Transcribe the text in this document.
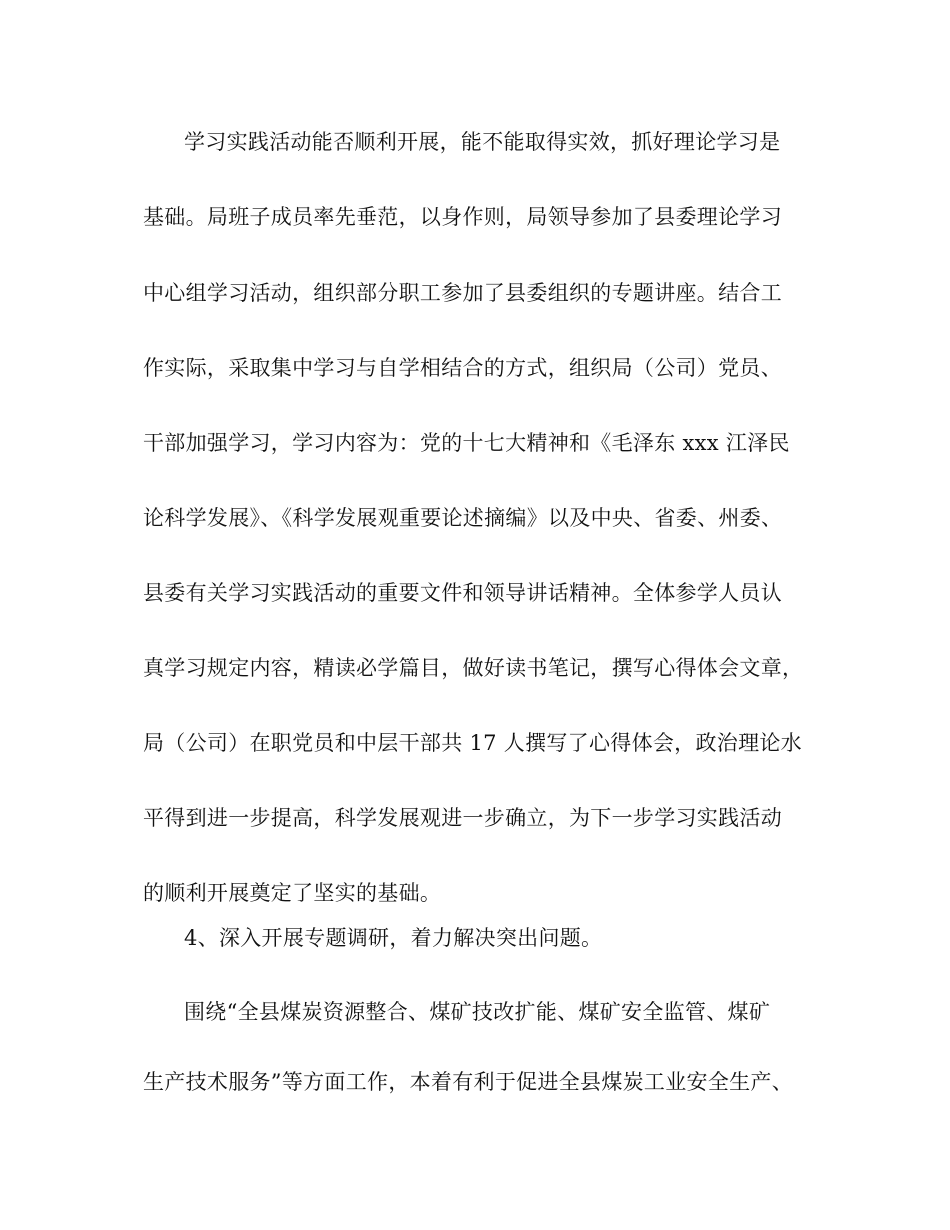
学习实践活动能否顺利开展，能不能取得实效，抓好理论学习是
基础。局班子成员率先垂范，以身作则，局领导参加了县委理论学习
中心组学习活动，组织部分职工参加了县委组织的专题讲座。结合工
作实际，采取集中学习与自学相结合的方式，组织局（公司）党员、
干部加强学习，学习内容为：党的十七大精神和《毛泽东 xxx 江泽民
论科学发展》、《科学发展观重要论述摘编》以及中央、省委、州委、
县委有关学习实践活动的重要文件和领导讲话精神。全体参学人员认
真学习规定内容，精读必学篇目，做好读书笔记，撰写心得体会文章，
局（公司）在职党员和中层干部共 17 人撰写了心得体会，政治理论水
平得到进一步提高，科学发展观进一步确立，为下一步学习实践活动
的顺利开展奠定了坚实的基础。
4、深入开展专题调研，着力解决突出问题。
围绕“全县煤炭资源整合、煤矿技改扩能、煤矿安全监管、煤矿
生产技术服务”等方面工作，本着有利于促进全县煤炭工业安全生产、
